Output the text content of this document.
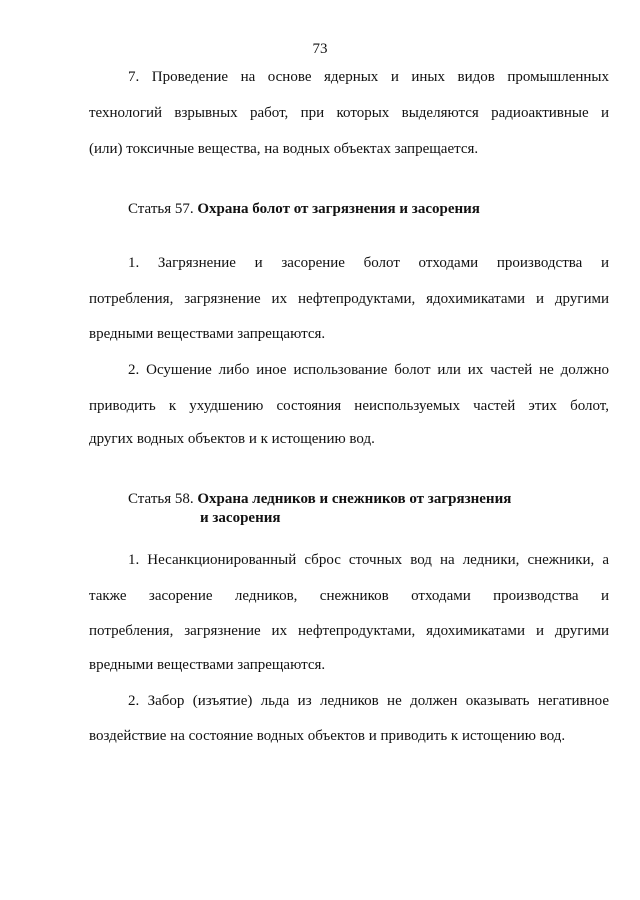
73
7. Проведение на основе ядерных и иных видов промышленных
технологий взрывных работ, при которых выделяются радиоактивные и
(или) токсичные вещества, на водных объектах запрещается.
Статья 57. Охрана болот от загрязнения и засорения
1. Загрязнение и засорение болот отходами производства и
потребления, загрязнение их нефтепродуктами, ядохимикатами и другими
вредными веществами запрещаются.
2. Осушение либо иное использование болот или их частей не должно
приводить к ухудшению состояния неиспользуемых частей этих болот,
других водных объектов и к истощению вод.
Статья 58. Охрана ледников и снежников от загрязнения
и засорения
1. Несанкционированный сброс сточных вод на ледники, снежники, а
также засорение ледников, снежников отходами производства и
потребления, загрязнение их нефтепродуктами, ядохимикатами и другими
вредными веществами запрещаются.
2. Забор (изъятие) льда из ледников не должен оказывать негативное
воздействие на состояние водных объектов и приводить к истощению вод.
